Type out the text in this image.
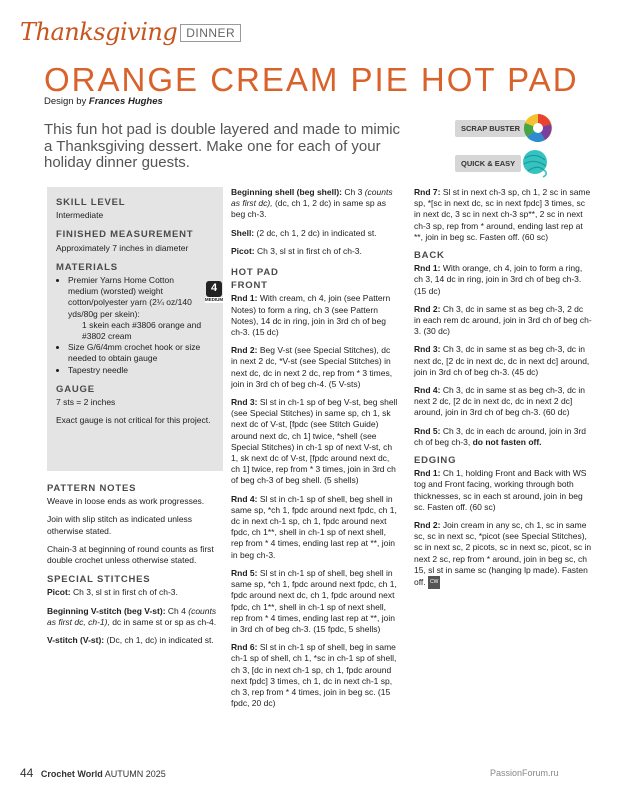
Thanksgiving DINNER
ORANGE CREAM PIE HOT PAD
Design by Frances Hughes
This fun hot pad is double layered and made to mimic a Thanksgiving dessert. Make one for each of your holiday dinner guests.
SCRAP BUSTER
QUICK & EASY
SKILL LEVEL

Intermediate

FINISHED MEASUREMENT

Approximately 7 inches in diameter

MATERIALS
• Premier Yarns Home Cotton medium (worsted) weight cotton/polyester yarn (2¼ oz/140 yds/80g per skein):
1 skein each #3806 orange and #3802 cream
• Size G/6/4mm crochet hook or size needed to obtain gauge
• Tapestry needle
GAUGE

7 sts = 2 inches

Exact gauge is not critical for this project.

4
MEDIUM
PATTERN NOTES

Weave in loose ends as work progresses.

Join with slip stitch as indicated unless otherwise stated.

Chain-3 at beginning of round counts as first double crochet unless otherwise stated.

SPECIAL STITCHES

Picot: Ch 3, sl st in first ch of ch-3.

Beginning V-stitch (beg V-st): Ch 4 (counts as first dc, ch-1), dc in same st or sp as ch-4.

V-stitch (V-st): (Dc, ch 1, dc) in indicated st.

Beginning shell (beg shell): Ch 3 (counts as first dc), (dc, ch 1, 2 dc) in same sp as beg ch-3.

Shell: (2 dc, ch 1, 2 dc) in indicated st.

Picot: Ch 3, sl st in first ch of ch-3.

HOT PAD
FRONT

Rnd 1: With cream, ch 4, join (see Pattern Notes) to form a ring, ch 3 (see Pattern Notes), 14 dc in ring, join in 3rd ch of beg ch-3. (15 dc)

Rnd 2: Beg V-st (see Special Stitches), dc in next 2 dc, *V-st (see Special Stitches) in next dc, dc in next 2 dc, rep from * 3 times, join in 3rd ch of beg ch-4. (5 V-sts)

Rnd 3: Sl st in ch-1 sp of beg V-st, beg shell (see Special Stitches) in same sp, ch 1, sk next dc of V-st, [fpdc (see Stitch Guide) around next dc, ch 1] twice, *shell (see Special Stitches) in ch-1 sp of next V-st, ch 1, sk next dc of V-st, [fpdc around next dc, ch 1] twice, rep from * 3 times, join in 3rd ch of beg ch-3 of beg shell. (5 shells)

Rnd 4: Sl st in ch-1 sp of shell, beg shell in same sp, *ch 1, fpdc around next fpdc, ch 1, dc in next ch-1 sp, ch 1, fpdc around next fpdc, ch 1**, shell in ch-1 sp of next shell, rep from * 4 times, ending last rep at **, join in beg ch-3.

Rnd 5: Sl st in ch-1 sp of shell, beg shell in same sp, *ch 1, fpdc around next fpdc, ch 1, fpdc around next dc, ch 1, fpdc around next fpdc, ch 1**, shell in ch-1 sp of next shell, rep from * 4 times, ending last rep at **, join in 3rd ch of beg ch-3. (15 fpdc, 5 shells)

Rnd 6: Sl st in ch-1 sp of shell, beg in same ch-1 sp of shell, ch 1, *sc in ch-1 sp of shell, ch 3, [dc in next ch-1 sp, ch 1, fpdc around next fpdc] 3 times, ch 1, dc in next ch-1 sp, ch 3, rep from * 4 times, join in beg sc. (15 fpdc, 20 dc)

Rnd 7: Sl st in next ch-3 sp, ch 1, 2 sc in same sp, *[sc in next dc, sc in next fpdc] 3 times, sc in next dc, 3 sc in next ch-3 sp**, 2 sc in next ch-3 sp, rep from * around, ending last rep at **, join in beg sc. Fasten off. (60 sc)

BACK

Rnd 1: With orange, ch 4, join to form a ring, ch 3, 14 dc in ring, join in 3rd ch of beg ch-3. (15 dc)

Rnd 2: Ch 3, dc in same st as beg ch-3, 2 dc in each rem dc around, join in 3rd ch of beg ch-3. (30 dc)

Rnd 3: Ch 3, dc in same st as beg ch-3, dc in next dc, [2 dc in next dc, dc in next dc] around, join in 3rd ch of beg ch-3. (45 dc)

Rnd 4: Ch 3, dc in same st as beg ch-3, dc in next 2 dc, [2 dc in next dc, dc in next 2 dc] around, join in 3rd ch of beg ch-3. (60 dc)

Rnd 5: Ch 3, dc in each dc around, join in 3rd ch of beg ch-3, do not fasten off.

EDGING

Rnd 1: Ch 1, holding Front and Back with WS tog and Front facing, working through both thicknesses, sc in each st around, join in beg sc. Fasten off. (60 sc)

Rnd 2: Join cream in any sc, ch 1, sc in same sc, sc in next sc, *picot (see Special Stitches), sc in next sc, 2 picots, sc in next sc, picot, sc in next 2 sc, rep from * around, join in beg sc, ch 15, sl st in same sc (hanging lp made). Fasten off. CW

44 Crochet World AUTUMN 2025	PassionForum.ru
